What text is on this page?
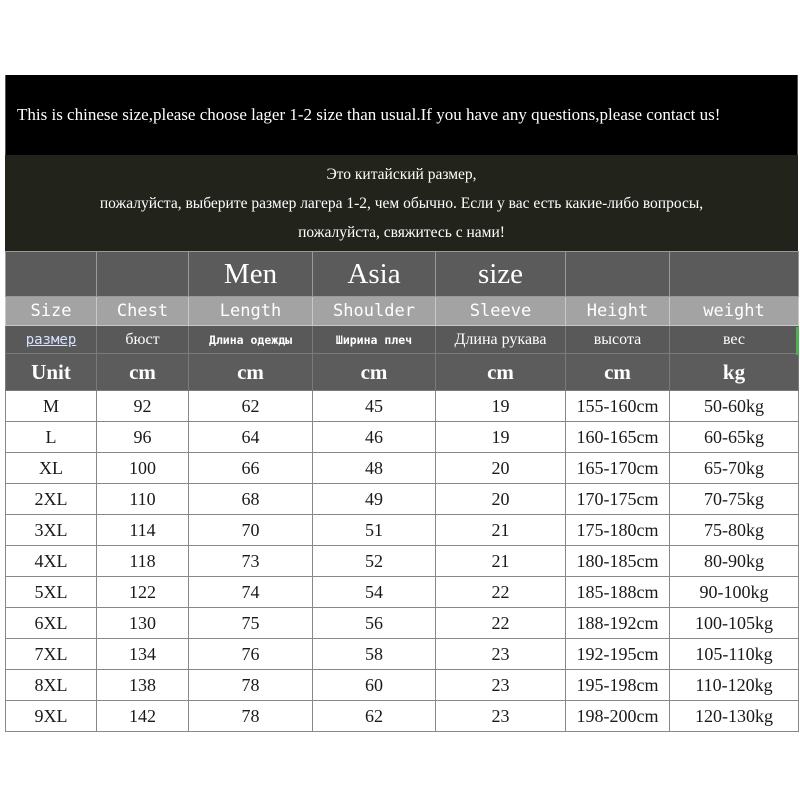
This is chinese size,please choose lager 1-2 size than usual.If you have any questions,please contact us!
Это китайский размер,
пожалуйста, выберите размер лагера 1-2, чем обычно. Если у вас есть какие-либо вопросы,
пожалуйста, свяжитесь с нами!
		Men	Asia	size		
Size	Chest	Length	Shoulder	Sleeve	Height	weight
размер	бюст	Длина одежды	Ширина плеч	Длина рукава	высота	вес
Unit	cm	cm	cm	cm	cm	kg
M	92	62	45	19	155-160cm	50-60kg
L	96	64	46	19	160-165cm	60-65kg
XL	100	66	48	20	165-170cm	65-70kg
2XL	110	68	49	20	170-175cm	70-75kg
3XL	114	70	51	21	175-180cm	75-80kg
4XL	118	73	52	21	180-185cm	80-90kg
5XL	122	74	54	22	185-188cm	90-100kg
6XL	130	75	56	22	188-192cm	100-105kg
7XL	134	76	58	23	192-195cm	105-110kg
8XL	138	78	60	23	195-198cm	110-120kg
9XL	142	78	62	23	198-200cm	120-130kg
